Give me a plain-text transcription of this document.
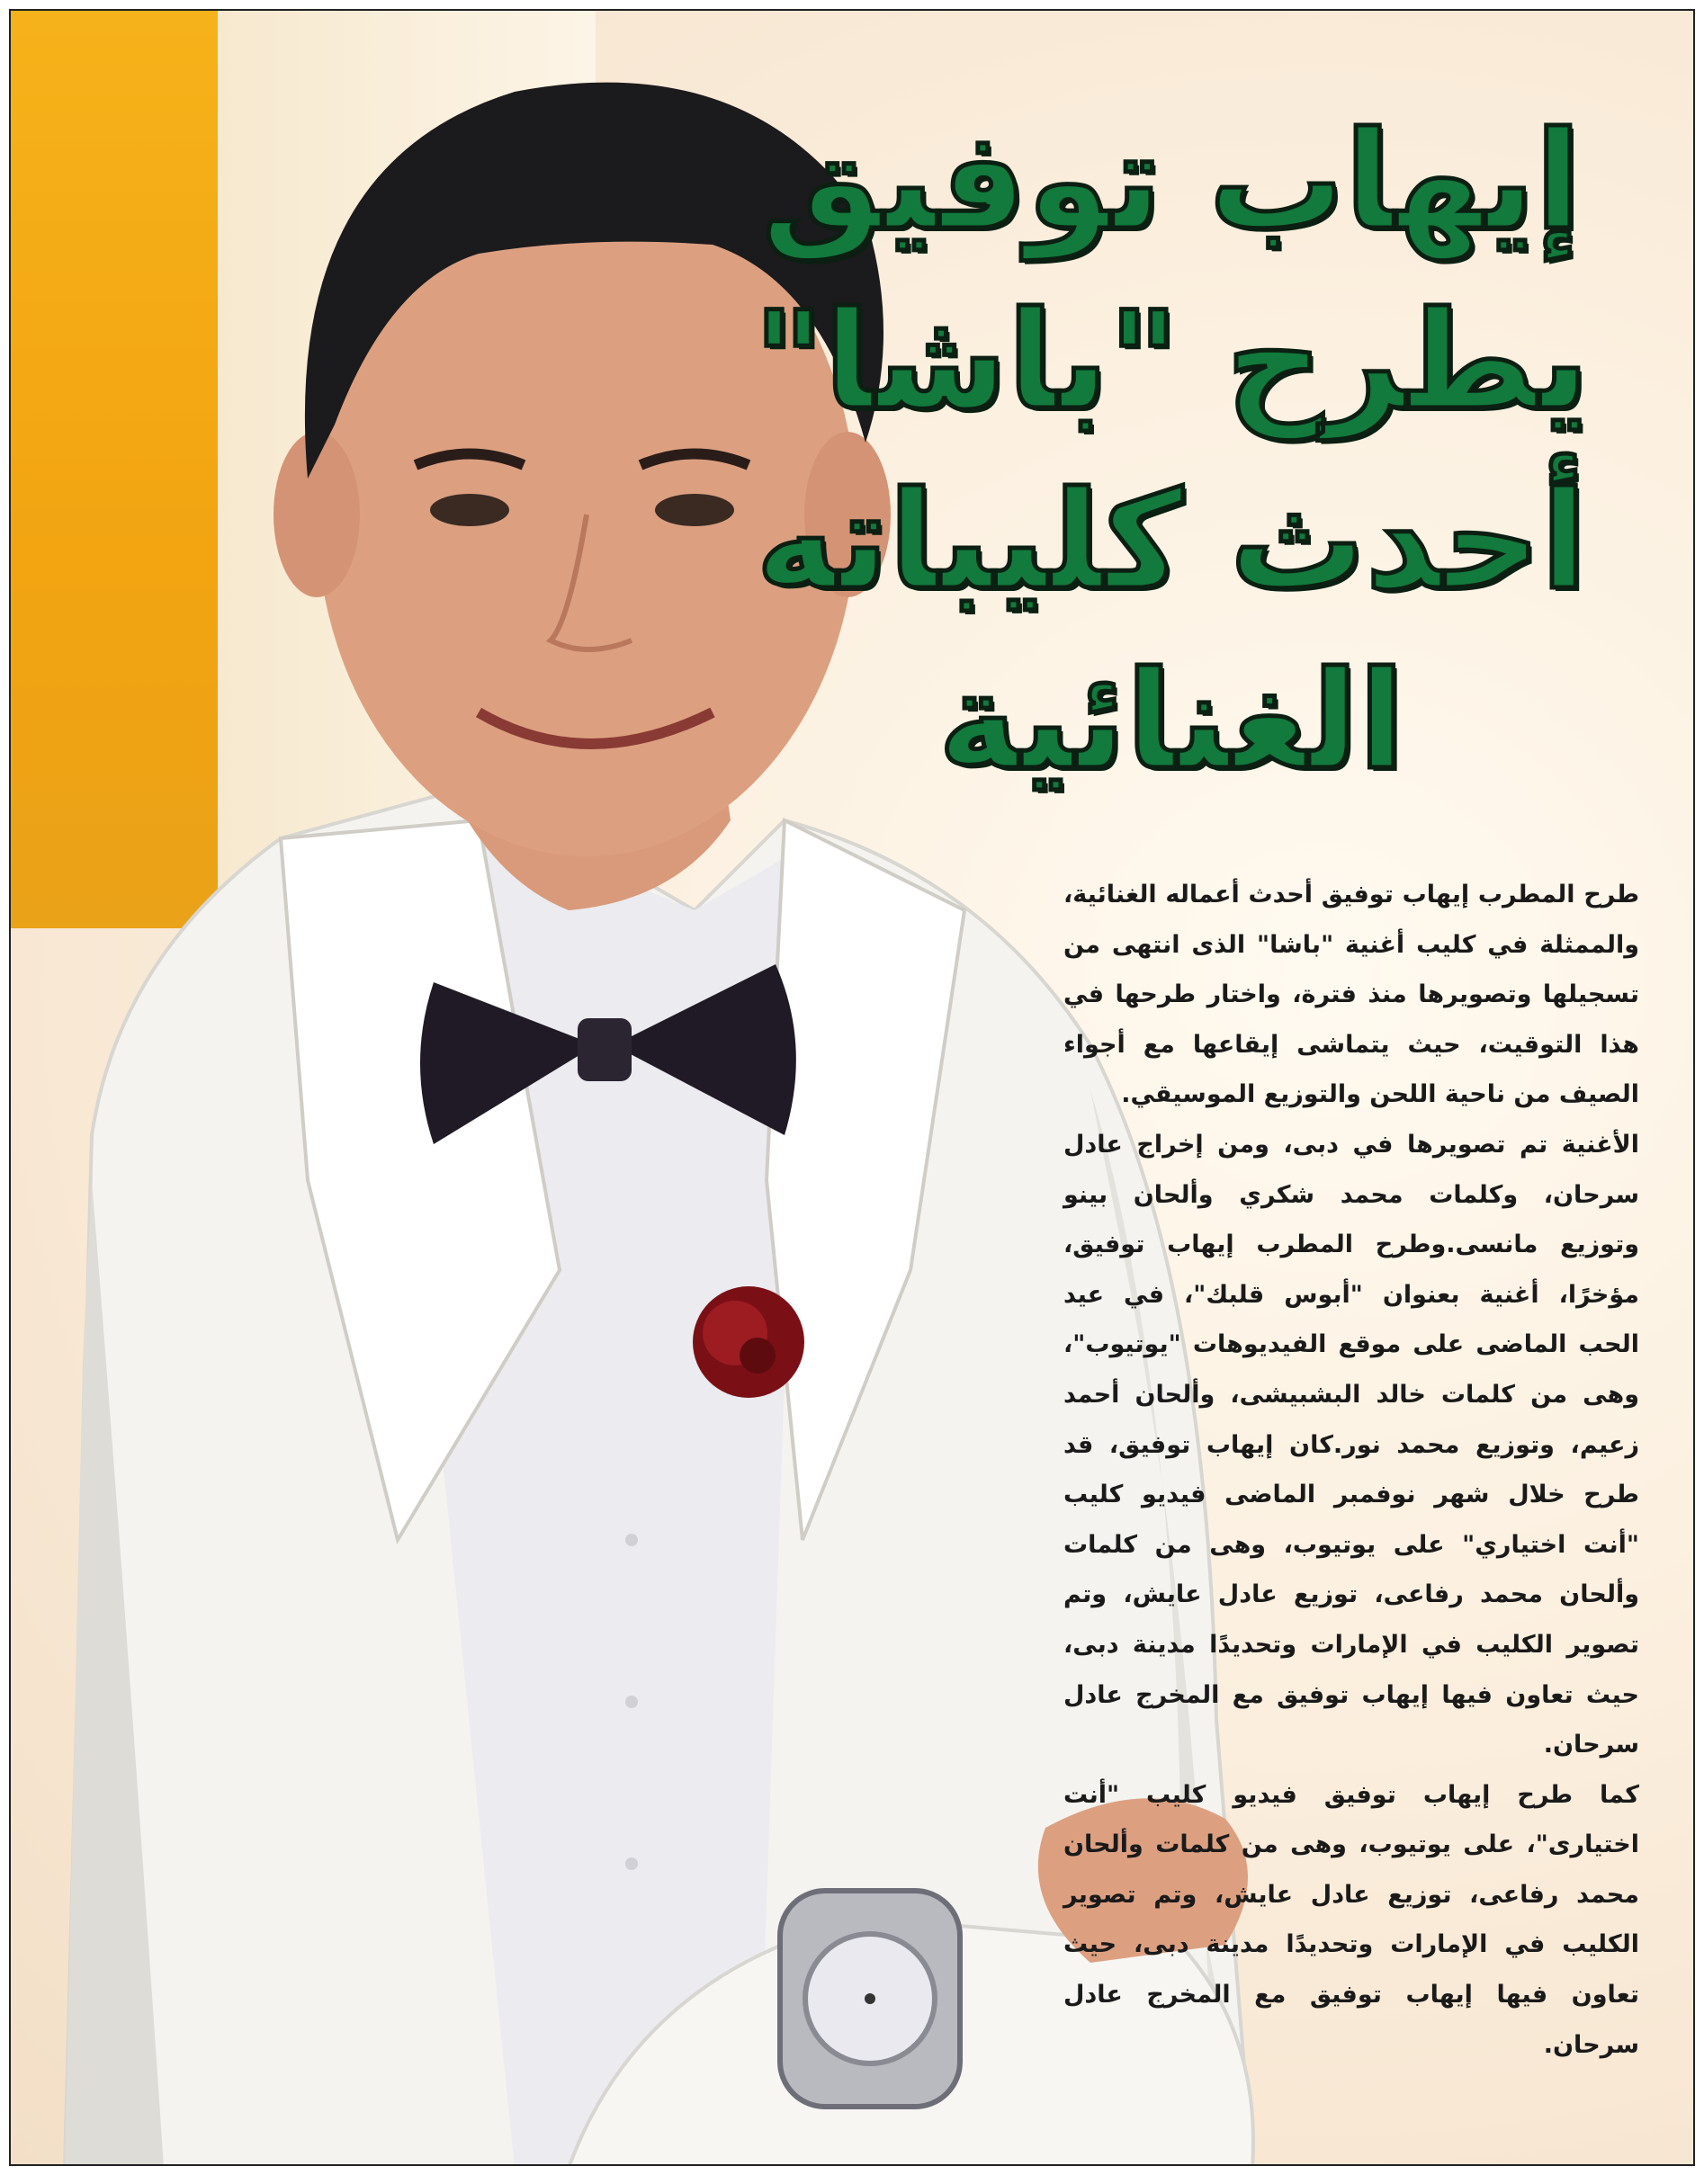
إيهاب توفيق
يطرح "باشا"
أحدث كليباته
الغنائية

طرح المطرب إيهاب توفيق أحدث أعماله الغنائية، والممثلة في كليب أغنية "باشا" الذى انتهى من تسجيلها وتصويرها منذ فترة، واختار طرحها في هذا التوقيت، حيث يتماشى إيقاعها مع أجواء الصيف من ناحية اللحن والتوزيع الموسيقي.

الأغنية تم تصويرها في دبى، ومن إخراج عادل سرحان، وكلمات محمد شكري وألحان بينو وتوزيع مانسى.وطرح المطرب إيهاب توفيق، مؤخرًا، أغنية بعنوان "أبوس قلبك"، في عيد الحب الماضى على موقع الفيديوهات "يوتيوب"، وهى من كلمات خالد البشبيشى، وألحان أحمد زعيم، وتوزيع محمد نور.كان إيهاب توفيق، قد طرح خلال شهر نوفمبر الماضى فيديو كليب "أنت اختياري" على يوتيوب، وهى من كلمات وألحان محمد رفاعى، توزيع عادل عايش، وتم تصوير الكليب في الإمارات وتحديدًا مدينة دبى، حيث تعاون فيها إيهاب توفيق مع المخرج عادل سرحان.

كما طرح إيهاب توفيق فيديو كليب "أنت اختيارى"، على يوتيوب، وهى من كلمات وألحان محمد رفاعى، توزيع عادل عايش، وتم تصوير الكليب في الإمارات وتحديدًا مدينة دبى، حيث تعاون فيها إيهاب توفيق مع المخرج عادل سرحان.
